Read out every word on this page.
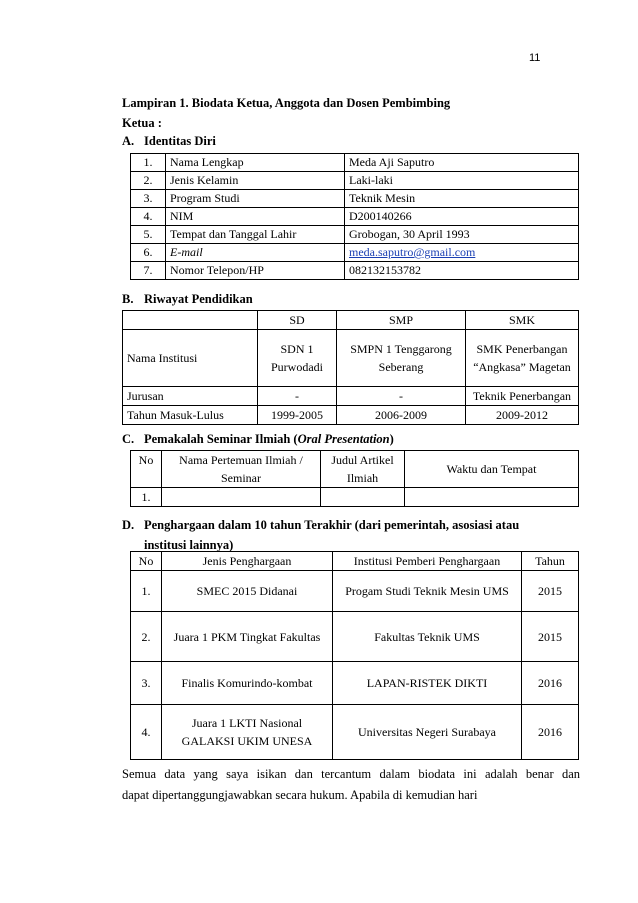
11
Lampiran 1. Biodata Ketua, Anggota dan Dosen Pembimbing
Ketua :
A. Identitas Diri
1.	Nama Lengkap	Meda Aji Saputro
2.	Jenis Kelamin	Laki-laki
3.	Program Studi	Teknik Mesin
4.	NIM	D200140266
5.	Tempat dan Tanggal Lahir	Grobogan, 30 April 1993
6.	E-mail	meda.saputro@gmail.com
7.	Nomor Telepon/HP	082132153782
B. Riwayat Pendidikan
	SD	SMP	SMK
Nama Institusi	SDN 1 Purwodadi	SMPN 1 Tenggarong Seberang	SMK Penerbangan “Angkasa” Magetan
Jurusan	-	-	Teknik Penerbangan
Tahun Masuk-Lulus	1999-2005	2006-2009	2009-2012
C. Pemakalah Seminar Ilmiah (Oral Presentation)
No	Nama Pertemuan Ilmiah / Seminar	Judul Artikel Ilmiah	Waktu dan Tempat
1.			
D. Penghargaan dalam 10 tahun Terakhir (dari pemerintah, asosiasi atau
institusi lainnya)
No	Jenis Penghargaan	Institusi Pemberi Penghargaan	Tahun
1.	SMEC 2015 Didanai	Progam Studi Teknik Mesin UMS	2015
2.	Juara 1 PKM Tingkat Fakultas	Fakultas Teknik UMS	2015
3.	Finalis Komurindo-kombat	LAPAN-RISTEK DIKTI	2016
4.	Juara 1 LKTI Nasional GALAKSI UKIM UNESA	Universitas Negeri Surabaya	2016
Semua data yang saya isikan dan tercantum dalam biodata ini adalah benar dan
dapat dipertanggungjawabkan secara hukum. Apabila di kemudian hari
